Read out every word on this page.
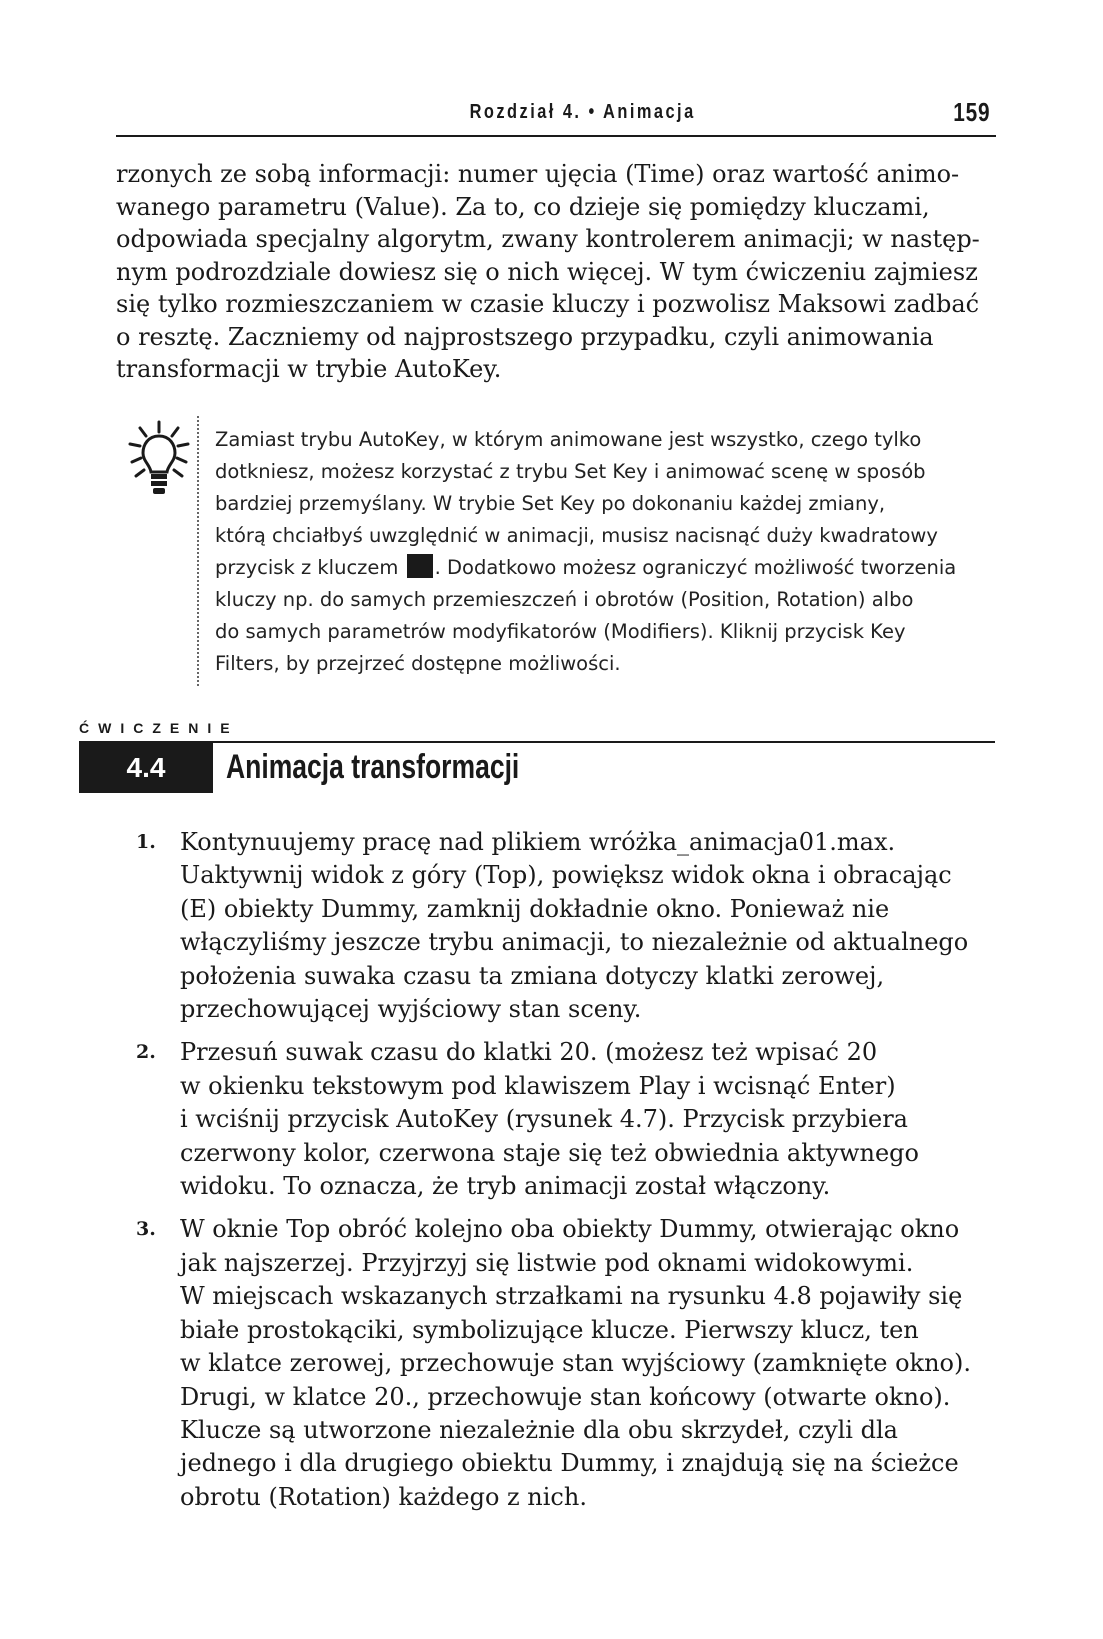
Rozdział 4. • Animacja	159

rzonych ze sobą informacji: numer ujęcia (Time) oraz wartość animo-
wanego parametru (Value). Za to, co dzieje się pomiędzy kluczami,
odpowiada specjalny algorytm, zwany kontrolerem animacji; w następ-
nym podrozdziale dowiesz się o nich więcej. W tym ćwiczeniu zajmiesz
się tylko rozmieszczaniem w czasie kluczy i pozwolisz Maksowi zadbać
o resztę. Zaczniemy od najprostszego przypadku, czyli animowania
transformacji w trybie AutoKey.

Zamiast trybu AutoKey, w którym animowane jest wszystko, czego tylko
dotkniesz, możesz korzystać z trybu Set Key i animować scenę w sposób
bardziej przemyślany. W trybie Set Key po dokonaniu każdej zmiany,
którą chciałbyś uwzględnić w animacji, musisz nacisnąć duży kwadratowy
przycisk z kluczem . Dodatkowo możesz ograniczyć możliwość tworzenia
kluczy np. do samych przemieszczeń i obrotów (Position, Rotation) albo
do samych parametrów modyfikatorów (Modifiers). Kliknij przycisk Key
Filters, by przejrzeć dostępne możliwości.

ĆWICZENIE
4.4	Animacja transformacji
1. Kontynuujemy pracę nad plikiem wróżka_animacja01.max.
Uaktywnij widok z góry (Top), powiększ widok okna i obracając
(E) obiekty Dummy, zamknij dokładnie okno. Ponieważ nie
włączyliśmy jeszcze trybu animacji, to niezależnie od aktualnego
położenia suwaka czasu ta zmiana dotyczy klatki zerowej,
przechowującej wyjściowy stan sceny.
2. Przesuń suwak czasu do klatki 20. (możesz też wpisać 20
w okienku tekstowym pod klawiszem Play i wcisnąć Enter)
i wciśnij przycisk AutoKey (rysunek 4.7). Przycisk przybiera
czerwony kolor, czerwona staje się też obwiednia aktywnego
widoku. To oznacza, że tryb animacji został włączony.
3. W oknie Top obróć kolejno oba obiekty Dummy, otwierając okno
jak najszerzej. Przyjrzyj się listwie pod oknami widokowymi.
W miejscach wskazanych strzałkami na rysunku 4.8 pojawiły się
białe prostokąciki, symbolizujące klucze. Pierwszy klucz, ten
w klatce zerowej, przechowuje stan wyjściowy (zamknięte okno).
Drugi, w klatce 20., przechowuje stan końcowy (otwarte okno).
Klucze są utworzone niezależnie dla obu skrzydeł, czyli dla
jednego i dla drugiego obiektu Dummy, i znajdują się na ścieżce
obrotu (Rotation) każdego z nich.
